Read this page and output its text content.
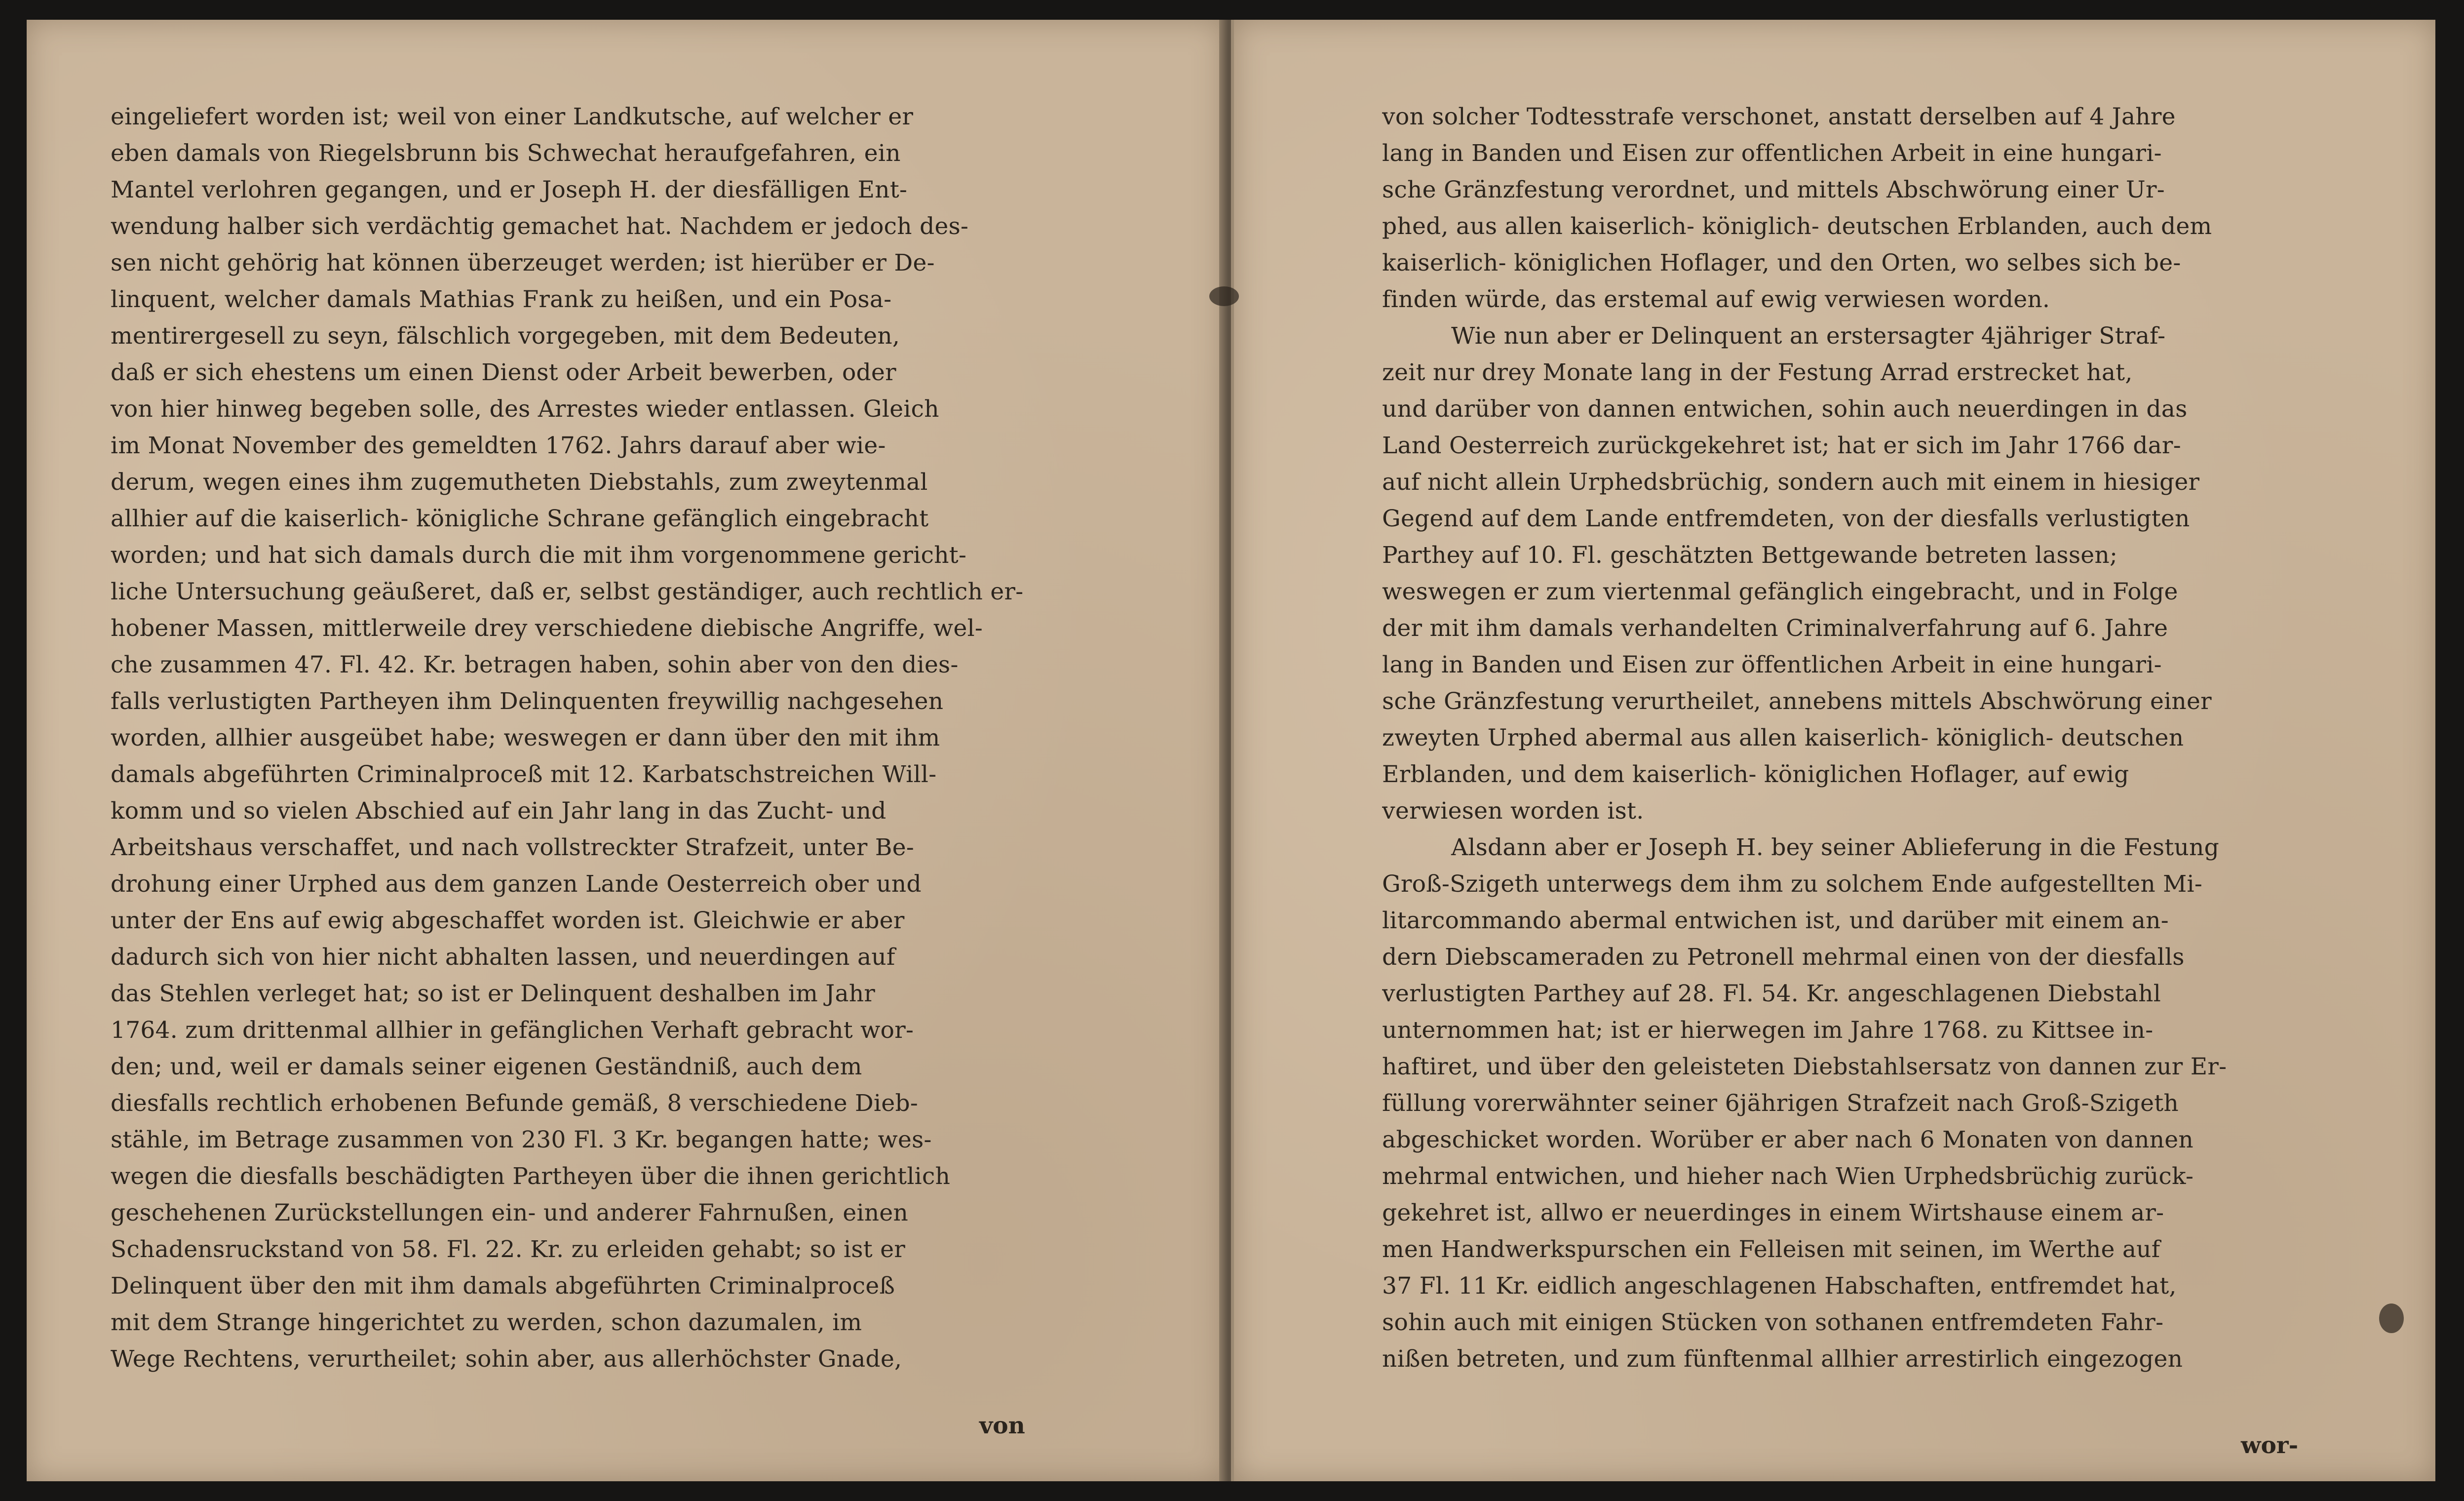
eingeliefert worden ist; weil von einer Landkutsche, auf welcher er
eben damals von Riegelsbrunn bis Schwechat heraufgefahren, ein
Mantel verlohren gegangen, und er Joseph H. der diesfälligen Ent-
wendung halber sich verdächtig gemachet hat. Nachdem er jedoch des-
sen nicht gehörig hat können überzeuget werden; ist hierüber er De-
linquent, welcher damals Mathias Frank zu heißen, und ein Posa-
mentirergesell zu seyn, fälschlich vorgegeben, mit dem Bedeuten,
daß er sich ehestens um einen Dienst oder Arbeit bewerben, oder
von hier hinweg begeben solle, des Arrestes wieder entlassen. Gleich
im Monat November des gemeldten 1762. Jahrs darauf aber wie-
derum, wegen eines ihm zugemutheten Diebstahls, zum zweytenmal
allhier auf die kaiserlich- königliche Schrane gefänglich eingebracht
worden; und hat sich damals durch die mit ihm vorgenommene gericht-
liche Untersuchung geäußeret, daß er, selbst geständiger, auch rechtlich er-
hobener Massen, mittlerweile drey verschiedene diebische Angriffe, wel-
che zusammen 47. Fl. 42. Kr. betragen haben, sohin aber von den dies-
falls verlustigten Partheyen ihm Delinquenten freywillig nachgesehen
worden, allhier ausgeübet habe; weswegen er dann über den mit ihm
damals abgeführten Criminalproceß mit 12. Karbatschstreichen Will-
komm und so vielen Abschied auf ein Jahr lang in das Zucht- und
Arbeitshaus verschaffet, und nach vollstreckter Strafzeit, unter Be-
drohung einer Urphed aus dem ganzen Lande Oesterreich ober und
unter der Ens auf ewig abgeschaffet worden ist. Gleichwie er aber
dadurch sich von hier nicht abhalten lassen, und neuerdingen auf
das Stehlen verleget hat; so ist er Delinquent deshalben im Jahr
1764. zum drittenmal allhier in gefänglichen Verhaft gebracht wor-
den; und, weil er damals seiner eigenen Geständniß, auch dem
diesfalls rechtlich erhobenen Befunde gemäß, 8 verschiedene Dieb-
stähle, im Betrage zusammen von 230 Fl. 3 Kr. begangen hatte; wes-
wegen die diesfalls beschädigten Partheyen über die ihnen gerichtlich
geschehenen Zurückstellungen ein- und anderer Fahrnußen, einen
Schadensruckstand von 58. Fl. 22. Kr. zu erleiden gehabt; so ist er
Delinquent über den mit ihm damals abgeführten Criminalproceß
mit dem Strange hingerichtet zu werden, schon dazumalen, im
Wege Rechtens, verurtheilet; sohin aber, aus allerhöchster Gnade,
von
von solcher Todtesstrafe verschonet, anstatt derselben auf 4 Jahre
lang in Banden und Eisen zur offentlichen Arbeit in eine hungari-
sche Gränzfestung verordnet, und mittels Abschwörung einer Ur-
phed, aus allen kaiserlich- königlich- deutschen Erblanden, auch dem
kaiserlich- königlichen Hoflager, und den Orten, wo selbes sich be-
finden würde, das erstemal auf ewig verwiesen worden.
Wie nun aber er Delinquent an erstersagter 4jähriger Straf-
zeit nur drey Monate lang in der Festung Arrad erstrecket hat,
und darüber von dannen entwichen, sohin auch neuerdingen in das
Land Oesterreich zurückgekehret ist; hat er sich im Jahr 1766 dar-
auf nicht allein Urphedsbrüchig, sondern auch mit einem in hiesiger
Gegend auf dem Lande entfremdeten, von der diesfalls verlustigten
Parthey auf 10. Fl. geschätzten Bettgewande betreten lassen;
weswegen er zum viertenmal gefänglich eingebracht, und in Folge
der mit ihm damals verhandelten Criminalverfahrung auf 6. Jahre
lang in Banden und Eisen zur öffentlichen Arbeit in eine hungari-
sche Gränzfestung verurtheilet, annebens mittels Abschwörung einer
zweyten Urphed abermal aus allen kaiserlich- königlich- deutschen
Erblanden, und dem kaiserlich- königlichen Hoflager, auf ewig
verwiesen worden ist.
Alsdann aber er Joseph H. bey seiner Ablieferung in die Festung
Groß-Szigeth unterwegs dem ihm zu solchem Ende aufgestellten Mi-
litarcommando abermal entwichen ist, und darüber mit einem an-
dern Diebscameraden zu Petronell mehrmal einen von der diesfalls
verlustigten Parthey auf 28. Fl. 54. Kr. angeschlagenen Diebstahl
unternommen hat; ist er hierwegen im Jahre 1768. zu Kittsee in-
haftiret, und über den geleisteten Diebstahlsersatz von dannen zur Er-
füllung vorerwähnter seiner 6jährigen Strafzeit nach Groß-Szigeth
abgeschicket worden. Worüber er aber nach 6 Monaten von dannen
mehrmal entwichen, und hieher nach Wien Urphedsbrüchig zurück-
gekehret ist, allwo er neuerdinges in einem Wirtshause einem ar-
men Handwerkspurschen ein Felleisen mit seinen, im Werthe auf
37 Fl. 11 Kr. eidlich angeschlagenen Habschaften, entfremdet hat,
sohin auch mit einigen Stücken von sothanen entfremdeten Fahr-
nißen betreten, und zum fünftenmal allhier arrestirlich eingezogen
wor-
